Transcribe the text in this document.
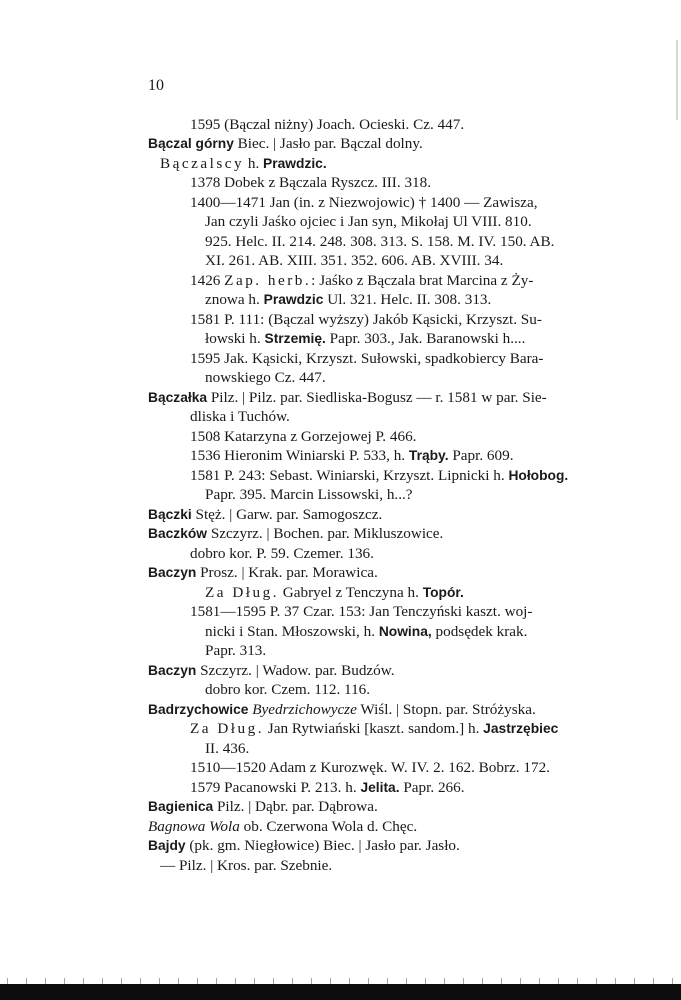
10
1595 (Bączal niżny) Joach. Ocieski. Cz. 447.
Bączal górny Biec. | Jasło par. Bączal dolny.
Bączalscy h. Prawdzic.
1378 Dobek z Bączala Ryszcz. III. 318.
1400—1471 Jan (in. z Niezwojowic) † 1400 — Zawisza,
Jan czyli Jaśko ojciec i Jan syn, Mikołaj Ul VIII. 810.
925. Helc. II. 214. 248. 308. 313. S. 158. M. IV. 150. AB.
XI. 261. AB. XIII. 351. 352. 606. AB. XVIII. 34.
1426 Zap. herb.: Jaśko z Bączala brat Marcina z Ży-
znowa h. Prawdzic Ul. 321. Helc. II. 308. 313.
1581 P. 111: (Bączal wyższy) Jakób Kąsicki, Krzyszt. Su-
łowski h. Strzemię. Papr. 303., Jak. Baranowski h....
1595 Jak. Kąsicki, Krzyszt. Sułowski, spadkobiercy Bara-
nowskiego Cz. 447.
Bączałka Pilz. | Pilz. par. Siedliska-Bogusz — r. 1581 w par. Sie-
dliska i Tuchów.
1508 Katarzyna z Gorzejowej P. 466.
1536 Hieronim Winiarski P. 533, h. Trąby. Papr. 609.
1581 P. 243: Sebast. Winiarski, Krzyszt. Lipnicki h. Hołobog.
Papr. 395. Marcin Lissowski, h...?
Bączki Stęż. | Garw. par. Samogoszcz.
Baczków Szczyrz. | Bochen. par. Mikluszowice.
dobro kor. P. 59. Czemer. 136.
Baczyn Prosz. | Krak. par. Morawica.
Za Dług. Gabryel z Tenczyna h. Topór.
1581—1595 P. 37 Czar. 153: Jan Tenczyński kaszt. woj-
nicki i Stan. Młoszowski, h. Nowina, podsędek krak.
Papr. 313.
Baczyn Szczyrz. | Wadow. par. Budzów.
dobro kor. Czem. 112. 116.
Badrzychowice Byedrzichowycze Wiśl. | Stopn. par. Stróżyska.
Za Dług. Jan Rytwiański [kaszt. sandom.] h. Jastrzębiec
II. 436.
1510—1520 Adam z Kurozwęk. W. IV. 2. 162. Bobrz. 172.
1579 Pacanowski P. 213. h. Jelita. Papr. 266.
Bagienica Pilz. | Dąbr. par. Dąbrowa.
Bagnowa Wola ob. Czerwona Wola d. Chęc.
Bajdy (pk. gm. Niegłowice) Biec. | Jasło par. Jasło.
— Pilz. | Kros. par. Szebnie.
